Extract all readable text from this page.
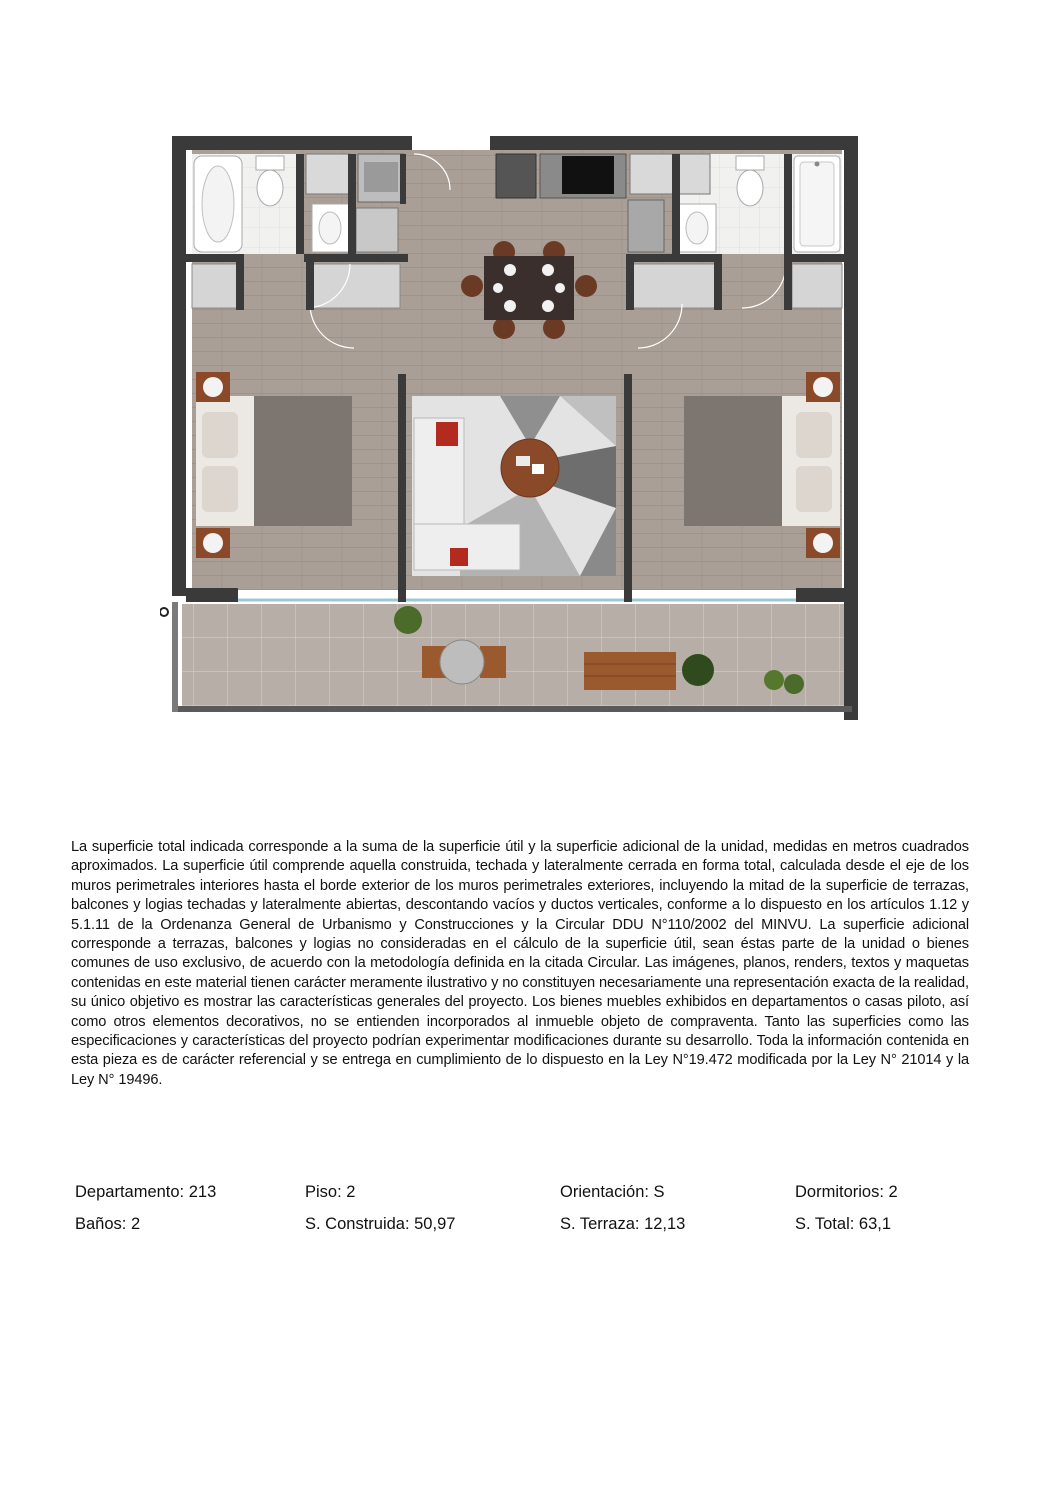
La superficie total indicada corresponde a la suma de la superficie útil y la superficie adicional de la unidad, medidas en metros cuadrados aproximados. La superficie útil comprende aquella construida, techada y lateralmente cerrada en forma total, calculada desde el eje de los muros perimetrales interiores hasta el borde exterior de los muros perimetrales exteriores, incluyendo la mitad de la superficie de terrazas, balcones y logias techadas y lateralmente abiertas, descontando vacíos y ductos verticales, conforme a lo dispuesto en los artículos 1.12 y 5.1.11 de la Ordenanza General de Urbanismo y Construcciones y la Circular DDU N°110/2002 del MINVU. La superficie adicional corresponde a terrazas, balcones y logias no consideradas en el cálculo de la superficie útil, sean éstas parte de la unidad o bienes comunes de uso exclusivo, de acuerdo con la metodología definida en la citada Circular. Las imágenes, planos, renders, textos y maquetas contenidas en este material tienen carácter meramente ilustrativo y no constituyen necesariamente una representación exacta de la realidad, su único objetivo es mostrar las características generales del proyecto. Los bienes muebles exhibidos en departamentos o casas piloto, así como otros elementos decorativos, no se entienden incorporados al inmueble objeto de compraventa. Tanto las superficies como las especificaciones y características del proyecto podrían experimentar modificaciones durante su desarrollo. Toda la información contenida en esta pieza es de carácter referencial y se entrega en cumplimiento de lo dispuesto en la Ley N°19.472 modificada por la Ley N° 21014 y la Ley N° 19496.

Departamento: 213	Piso: 2	Orientación: S	Dormitorios: 2
Baños: 2	S. Construida: 50,97	S. Terraza: 12,13	S. Total: 63,1
